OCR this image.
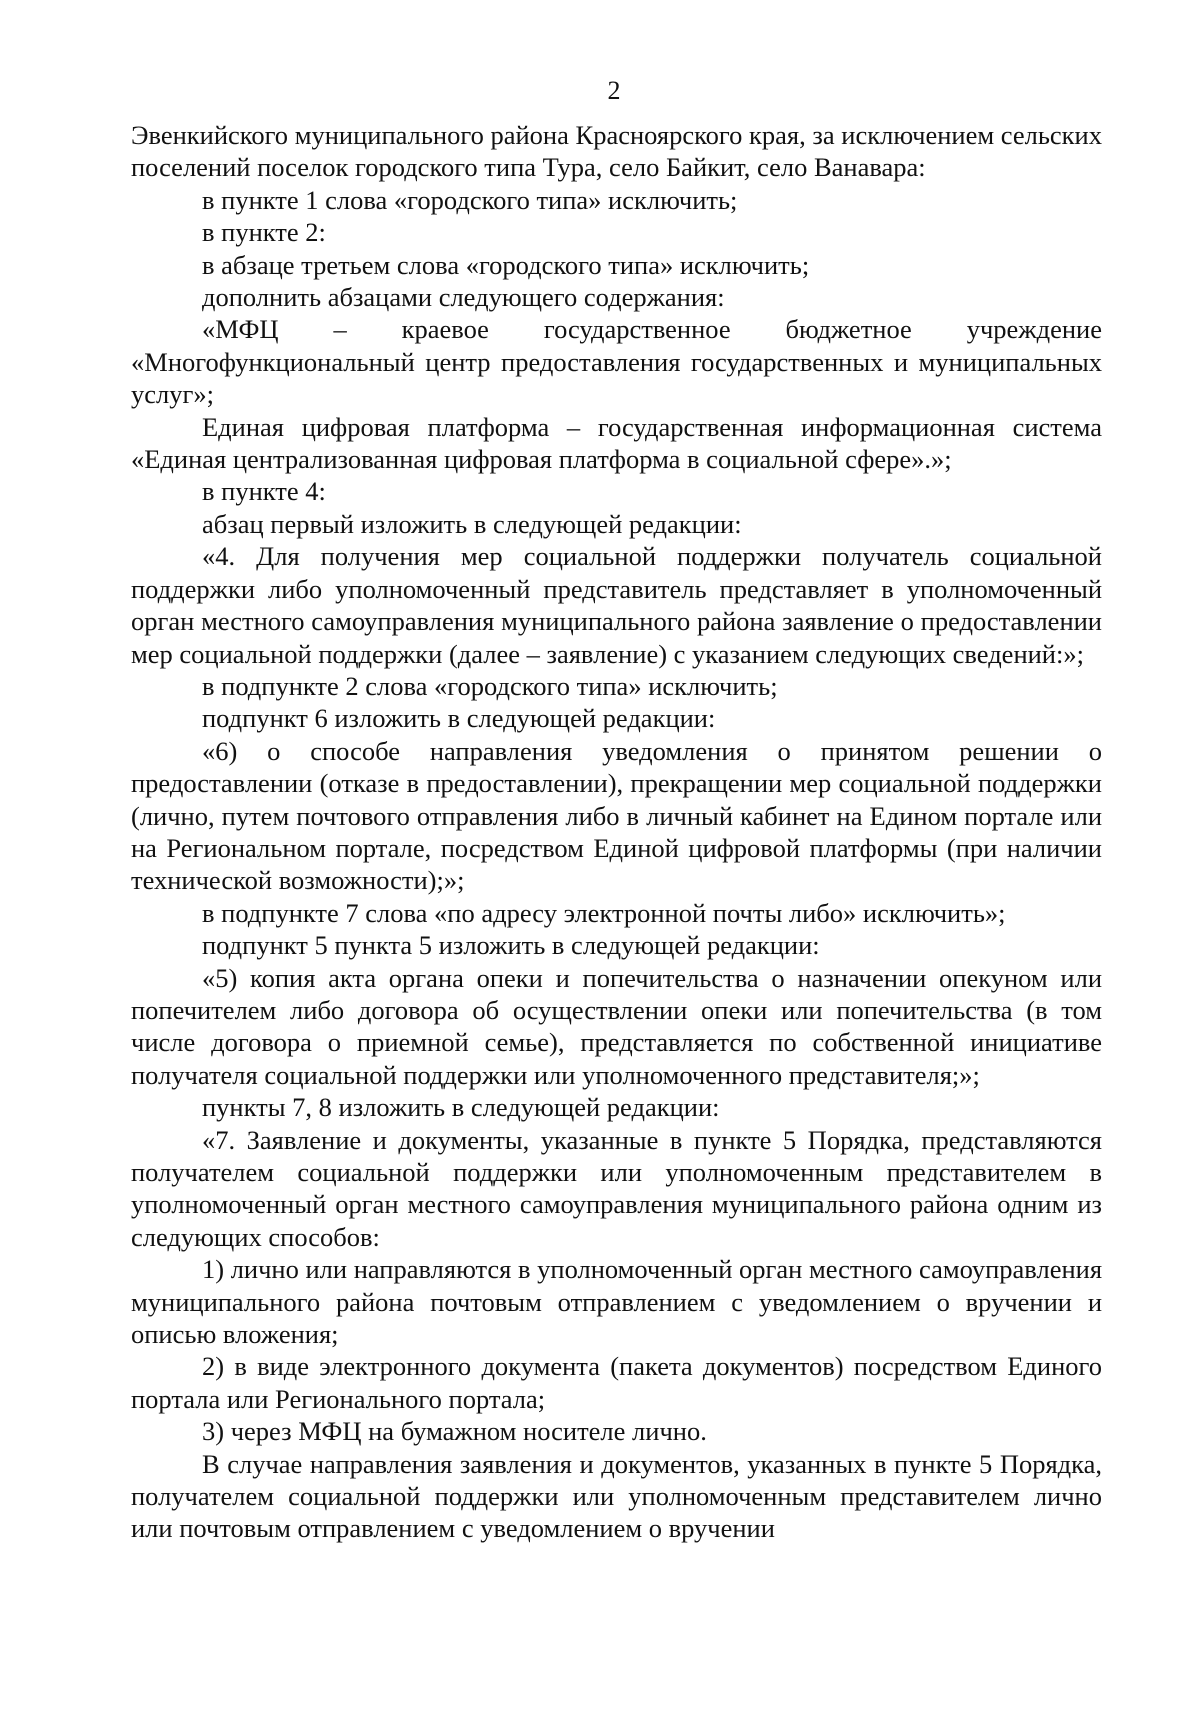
2

Эвенкийского муниципального района Красноярского края, за исключением сельских поселений поселок городского типа Тура, село Байкит, село Ванавара:

в пункте 1 слова «городского типа» исключить;

в пункте 2:

в абзаце третьем слова «городского типа» исключить;

дополнить абзацами следующего содержания:

«МФЦ – краевое государственное бюджетное учреждение «Многофункциональный центр предоставления государственных и муниципальных услуг»;

Единая цифровая платформа – государственная информационная система «Единая централизованная цифровая платформа в социальной сфере».»;

в пункте 4:

абзац первый изложить в следующей редакции:

«4. Для получения мер социальной поддержки получатель социальной поддержки либо уполномоченный представитель представляет в уполномоченный орган местного самоуправления муниципального района заявление о предоставлении мер социальной поддержки (далее – заявление) с указанием следующих сведений:»;

в подпункте 2 слова «городского типа» исключить;

подпункт 6 изложить в следующей редакции:

«6) о способе направления уведомления о принятом решении о предоставлении (отказе в предоставлении), прекращении мер социальной поддержки (лично, путем почтового отправления либо в личный кабинет на Едином портале или на Региональном портале, посредством Единой цифровой платформы (при наличии технической возможности);»;

в подпункте 7 слова «по адресу электронной почты либо» исключить»;

подпункт 5 пункта 5 изложить в следующей редакции:

«5) копия акта органа опеки и попечительства о назначении опекуном или попечителем либо договора об осуществлении опеки или попечительства (в том числе договора о приемной семье), представляется по собственной инициативе получателя социальной поддержки или уполномоченного представителя;»;

пункты 7, 8 изложить в следующей редакции:

«7. Заявление и документы, указанные в пункте 5 Порядка, представляются получателем социальной поддержки или уполномоченным представителем в уполномоченный орган местного самоуправления муниципального района одним из следующих способов:

1) лично или направляются в уполномоченный орган местного самоуправления муниципального района почтовым отправлением с уведомлением о вручении и описью вложения;

2) в виде электронного документа (пакета документов) посредством Единого портала или Регионального портала;

3) через МФЦ на бумажном носителе лично.

В случае направления заявления и документов, указанных в пункте 5 Порядка, получателем социальной поддержки или уполномоченным представителем лично или почтовым отправлением с уведомлением о вручении
